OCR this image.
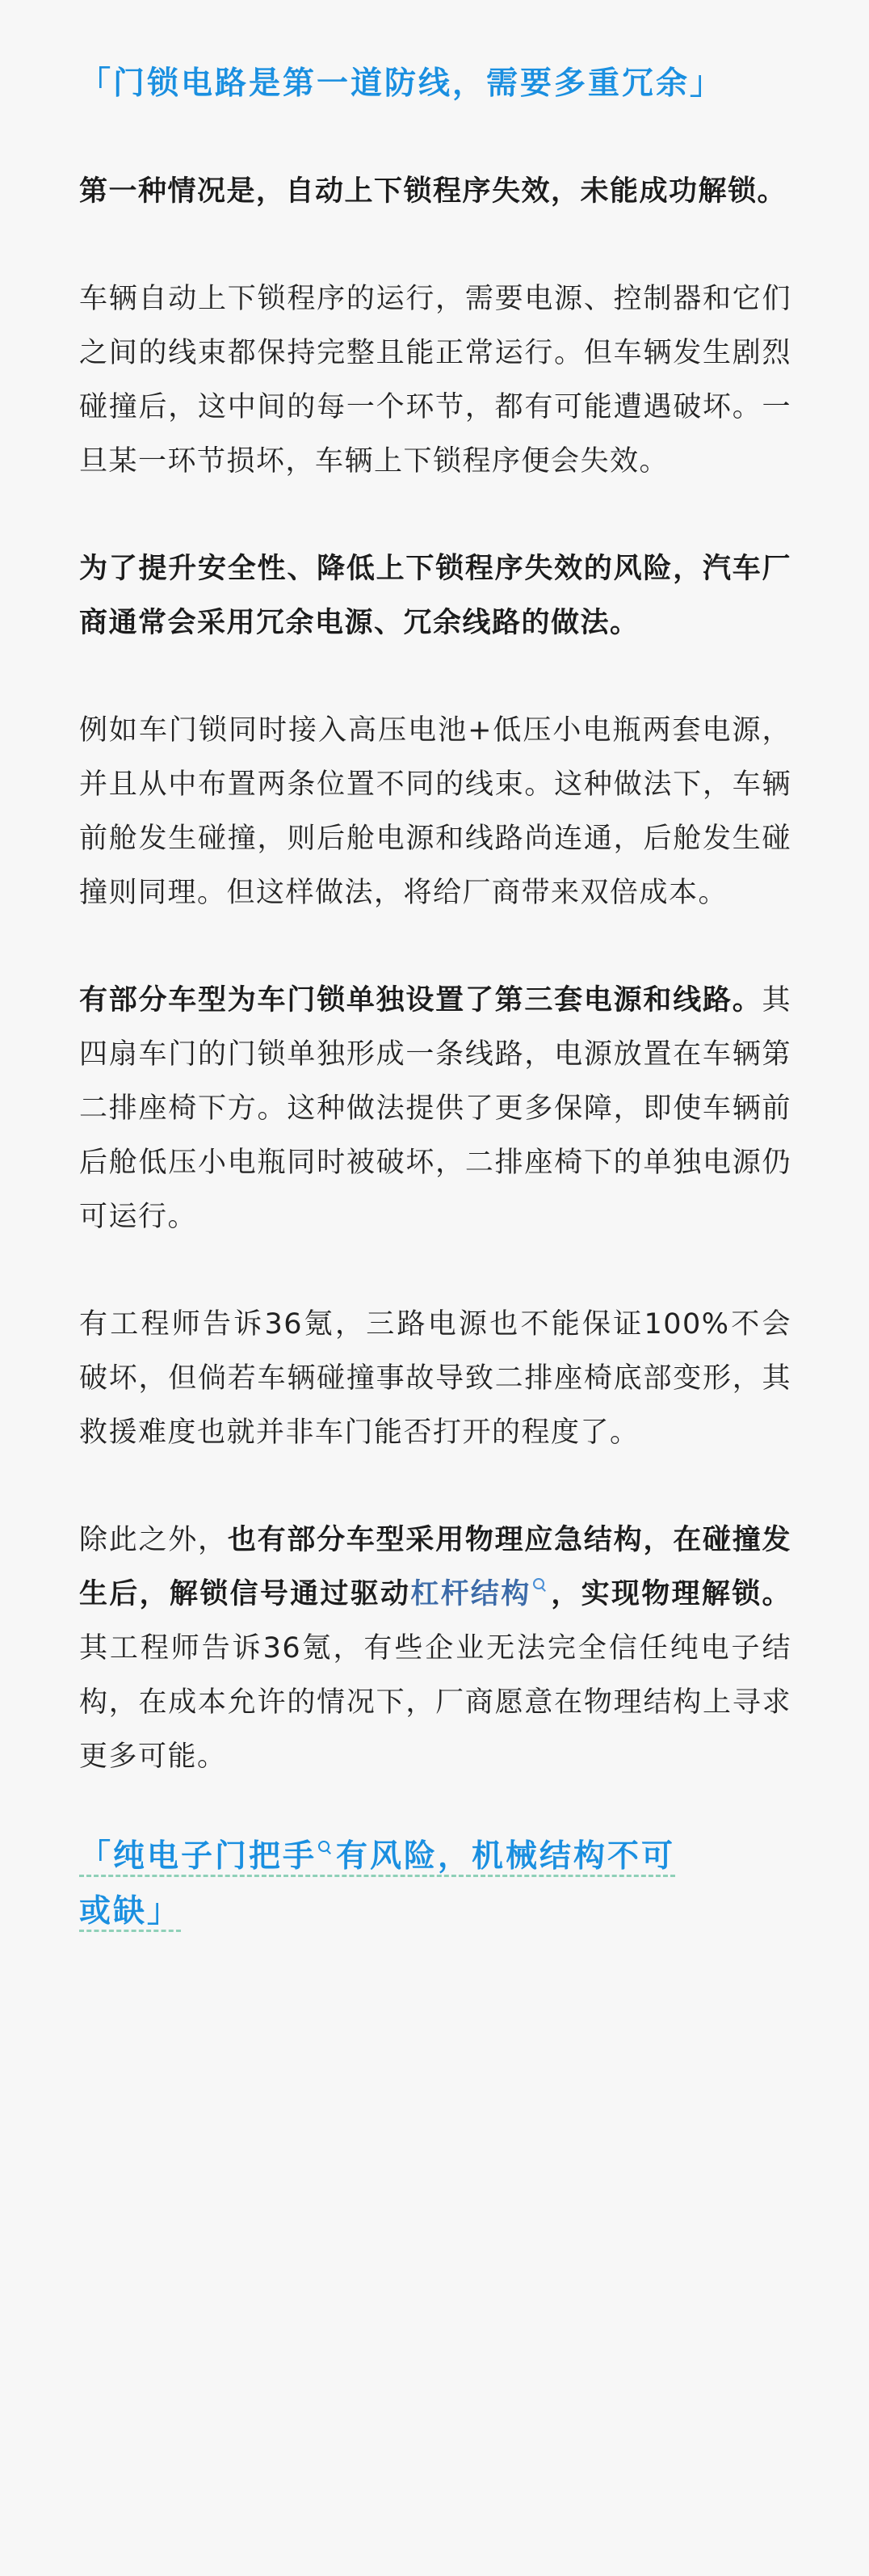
「门锁电路是第一道防线，需要多重冗余」

第一种情况是，自动上下锁程序失效，未能成功解锁。

车辆自动上下锁程序的运行，需要电源、控制器和它们之间的线束都保持完整且能正常运行。但车辆发生剧烈碰撞后，这中间的每一个环节，都有可能遭遇破坏。一旦某一环节损坏，车辆上下锁程序便会失效。

为了提升安全性、降低上下锁程序失效的风险，汽车厂商通常会采用冗余电源、冗余线路的做法。

例如车门锁同时接入高压电池+低压小电瓶两套电源，并且从中布置两条位置不同的线束。这种做法下，车辆前舱发生碰撞，则后舱电源和线路尚连通，后舱发生碰撞则同理。但这样做法，将给厂商带来双倍成本。

有部分车型为车门锁单独设置了第三套电源和线路。其四扇车门的门锁单独形成一条线路，电源放置在车辆第二排座椅下方。这种做法提供了更多保障，即使车辆前后舱低压小电瓶同时被破坏，二排座椅下的单独电源仍可运行。

有工程师告诉36氪，三路电源也不能保证100%不会破坏，但倘若车辆碰撞事故导致二排座椅底部变形，其救援难度也就并非车门能否打开的程度了。

除此之外，也有部分车型采用物理应急结构，在碰撞发生后，解锁信号通过驱动杠杆结构 ，实现物理解锁。其工程师告诉36氪，有些企业无法完全信任纯电子结构，在成本允许的情况下，厂商愿意在物理结构上寻求更多可能。

「纯电子门把手 有风险，机械结构不可
或缺」
